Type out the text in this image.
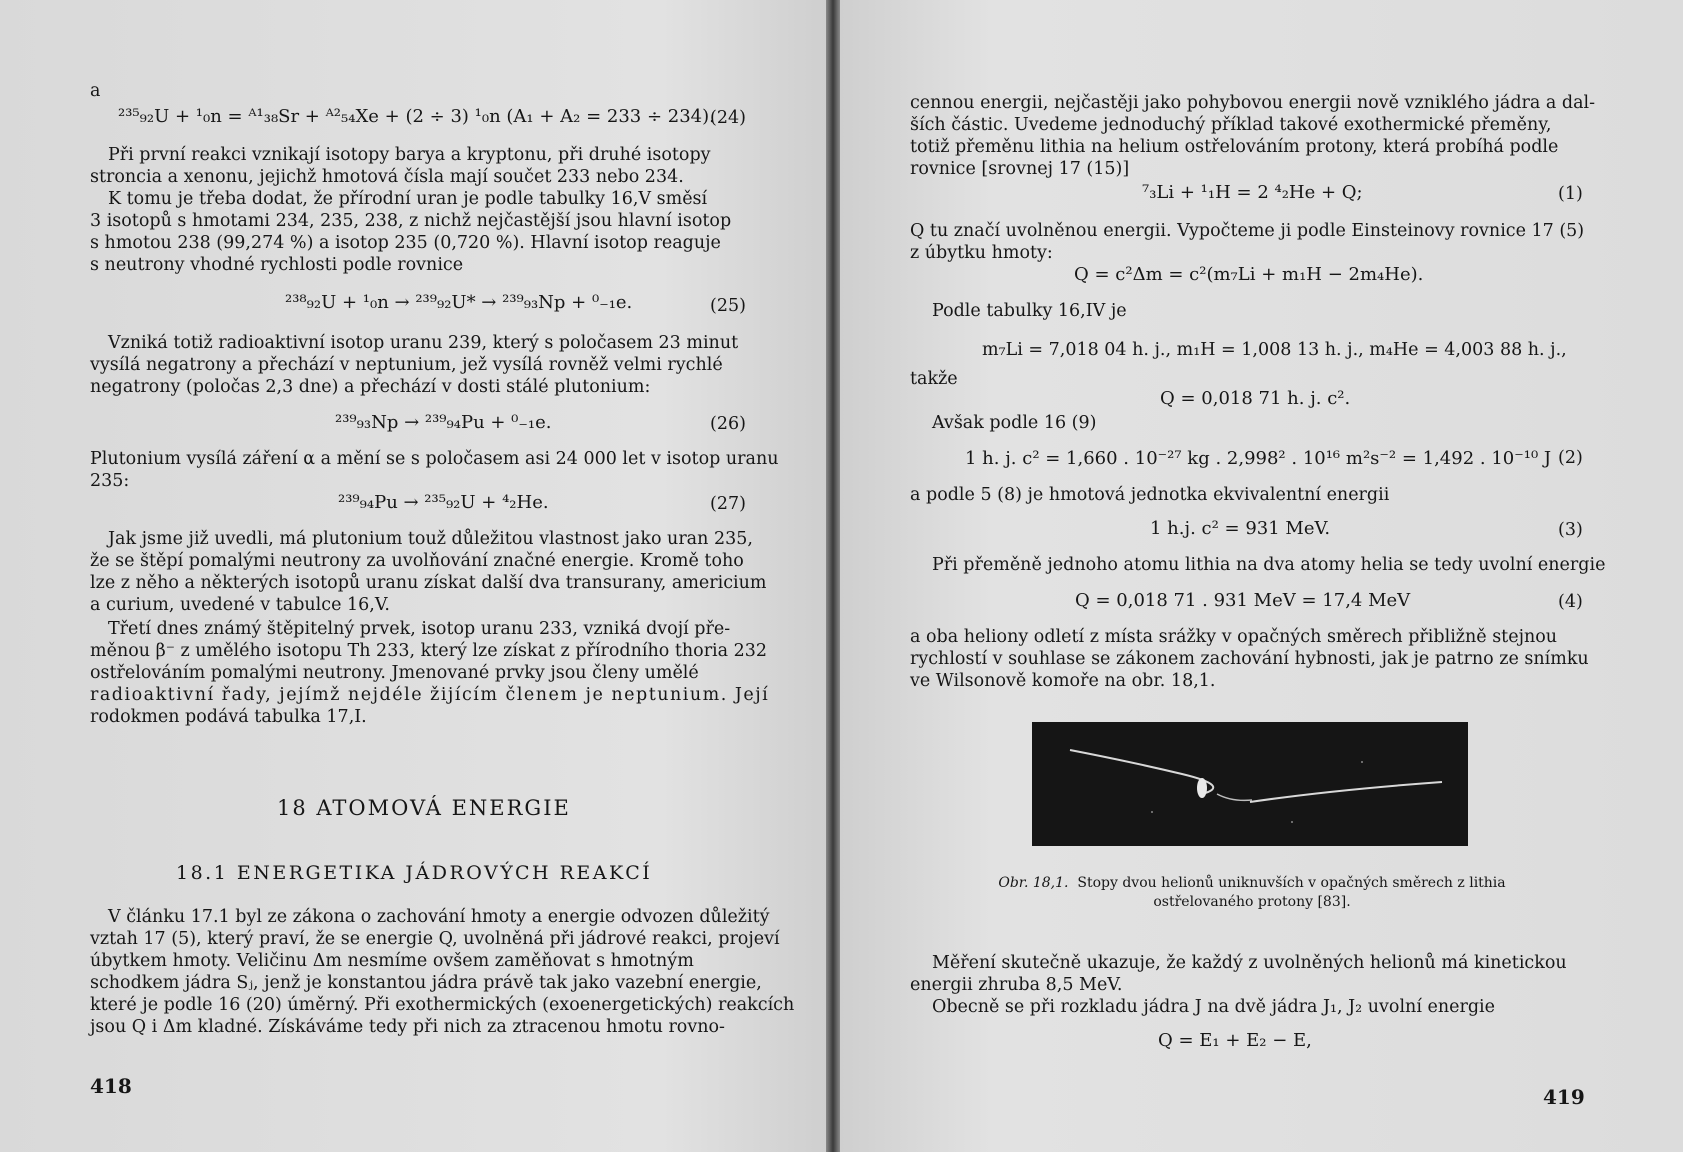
a
²³⁵₉₂U + ¹₀n = ᴬ¹₃₈Sr + ᴬ²₅₄Xe + (2 ÷ 3) ¹₀n (A₁ + A₂ = 233 ÷ 234).
(24)
Při první reakci vznikají isotopy barya a kryptonu, při druhé isotopy
stroncia a xenonu, jejichž hmotová čísla mají součet 233 nebo 234.
K tomu je třeba dodat, že přírodní uran je podle tabulky 16,V směsí
3 isotopů s hmotami 234, 235, 238, z nichž nejčastější jsou hlavní isotop
s hmotou 238 (99,274 %) a isotop 235 (0,720 %). Hlavní isotop reaguje
s neutrony vhodné rychlosti podle rovnice
²³⁸₉₂U + ¹₀n → ²³⁹₉₂U* → ²³⁹₉₃Np + ⁰₋₁e.	(25)
Vzniká totiž radioaktivní isotop uranu 239, který s poločasem 23 minut
vysílá negatrony a přechází v neptunium, jež vysílá rovněž velmi rychlé
negatrony (poločas 2,3 dne) a přechází v dosti stálé plutonium:
²³⁹₉₃Np → ²³⁹₉₄Pu + ⁰₋₁e.	(26)
Plutonium vysílá záření α a mění se s poločasem asi 24 000 let v isotop uranu
235:
²³⁹₉₄Pu → ²³⁵₉₂U + ⁴₂He.	(27)
Jak jsme již uvedli, má plutonium touž důležitou vlastnost jako uran 235,
že se štěpí pomalými neutrony za uvolňování značné energie. Kromě toho
lze z něho a některých isotopů uranu získat další dva transurany, americium
a curium, uvedené v tabulce 16,V.
Třetí dnes známý štěpitelný prvek, isotop uranu 233, vzniká dvojí pře-
měnou β⁻ z umělého isotopu Th 233, který lze získat z přírodního thoria 232
ostřelováním pomalými neutrony. Jmenované prvky jsou členy umělé
radioaktivní řady, jejímž nejdéle žijícím členem je neptunium. Její
rodokmen podává tabulka 17,I.
18 ATOMOVÁ ENERGIE
18.1 ENERGETIKA JÁDROVÝCH REAKCÍ
V článku 17.1 byl ze zákona o zachování hmoty a energie odvozen důležitý
vztah 17 (5), který praví, že se energie Q, uvolněná při jádrové reakci, projeví
úbytkem hmoty. Veličinu Δm nesmíme ovšem zaměňovat s hmotným
schodkem jádra Sⱼ, jenž je konstantou jádra právě tak jako vazební energie,
které je podle 16 (20) úměrný. Při exothermických (exoenergetických) reakcích
jsou Q i Δm kladné. Získáváme tedy při nich za ztracenou hmotu rovno-
418
cennou energii, nejčastěji jako pohybovou energii nově vzniklého jádra a dal-
ších částic. Uvedeme jednoduchý příklad takové exothermické přeměny,
totiž přeměnu lithia na helium ostřelováním protony, která probíhá podle
rovnice [srovnej 17 (15)]
⁷₃Li + ¹₁H = 2 ⁴₂He + Q;	(1)
Q tu značí uvolněnou energii. Vypočteme ji podle Einsteinovy rovnice 17 (5)
z úbytku hmoty:
Q = c²Δm = c²(m₇Li + m₁H − 2m₄He).
Podle tabulky 16,IV je
m₇Li = 7,018 04 h. j., m₁H = 1,008 13 h. j., m₄He = 4,003 88 h. j.,
takže
Q = 0,018 71 h. j. c².
Avšak podle 16 (9)
1 h. j. c² = 1,660 . 10⁻²⁷ kg . 2,998² . 10¹⁶ m²s⁻² = 1,492 . 10⁻¹⁰ J (2)
a podle 5 (8) je hmotová jednotka ekvivalentní energii
1 h.j. c² = 931 MeV.	(3)
Při přeměně jednoho atomu lithia na dva atomy helia se tedy uvolní energie
Q = 0,018 71 . 931 MeV = 17,4 MeV	(4)
a oba heliony odletí z místa srážky v opačných směrech přibližně stejnou
rychlostí v souhlase se zákonem zachování hybnosti, jak je patrno ze snímku
ve Wilsonově komoře na obr. 18,1.
Obr. 18,1. Stopy dvou helionů uniknuvších v opačných směrech z lithia
ostřelovaného protony [83].
Měření skutečně ukazuje, že každý z uvolněných helionů má kinetickou
energii zhruba 8,5 MeV.
Obecně se při rozkladu jádra J na dvě jádra J₁, J₂ uvolní energie
Q = E₁ + E₂ − E,
419
